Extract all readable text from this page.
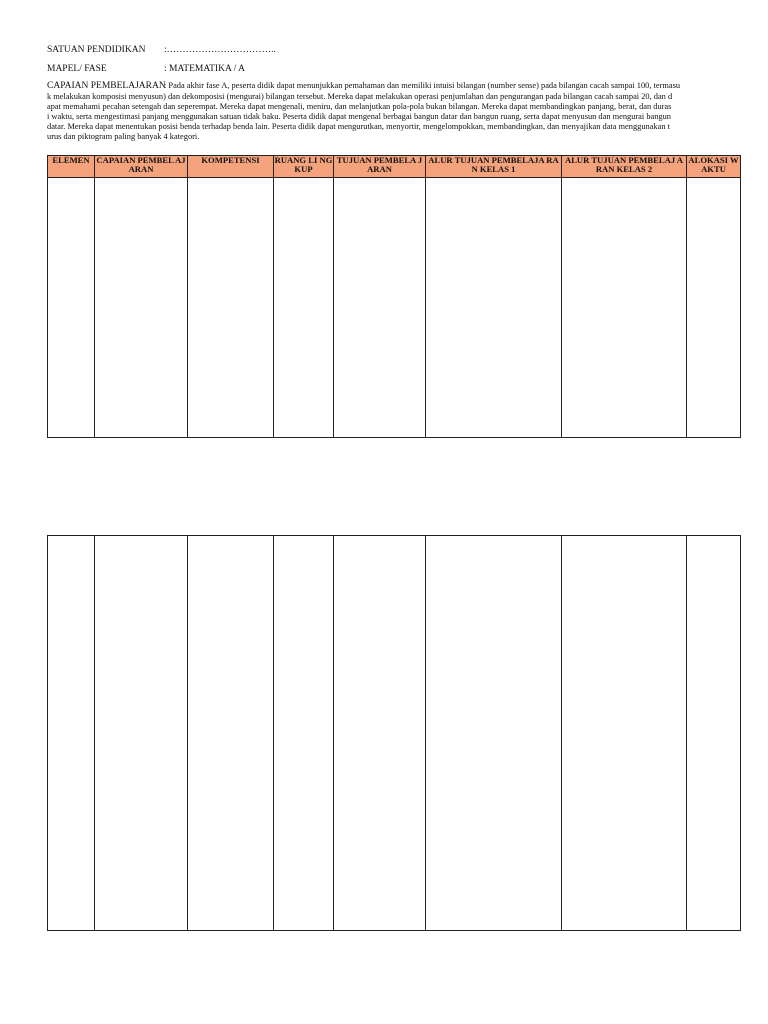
SATUAN PENDIDIKAN :……………………………..
MAPEL/ FASE	: MATEMATIKA / A
CAPAIAN PEMBELAJARAN: Pada akhir fase A, peserta didik dapat menunjukkan pemahaman dan memiliki intuisi bilangan (number sense) pada bilangan cacah sampai 100, termasu
k melakukan komposisi menyusun) dan dekomposisi (mengurai) bilangan tersebut. Mereka dapat melakukan operasi penjumlahan dan pengurangan pada bilangan cacah sampai 20, dan d
apat memahami pecahan setengah dan seperempat. Mereka dapat mengenali, meniru, dan melanjutkan pola-pola bukan bilangan. Mereka dapat membandingkan panjang, berat, dan duras
i waktu, serta mengestimasi panjang menggunakan satuan tidak baku. Peserta didik dapat mengenal berbagai bangun datar dan bangun ruang, serta dapat menyusun dan mengurai bangun
datar. Mereka dapat menentukan posisi benda terhadap benda lain. Peserta didik dapat mengurutkan, menyortir, mengelompokkan, membandingkan, dan menyajikan data menggunakan t
urus dan piktogram paling banyak 4 kategori.
ELEMEN	CAPAIAN PEMBEL AJARAN	KOMPETENSI	RUANG LI NGKUP	TUJUAN PEMBELA JARAN	ALUR TUJUAN PEMBELAJA RAN KELAS 1	ALUR TUJUAN PEMBELAJ ARAN KELAS 2	ALOKASI WAKTU
